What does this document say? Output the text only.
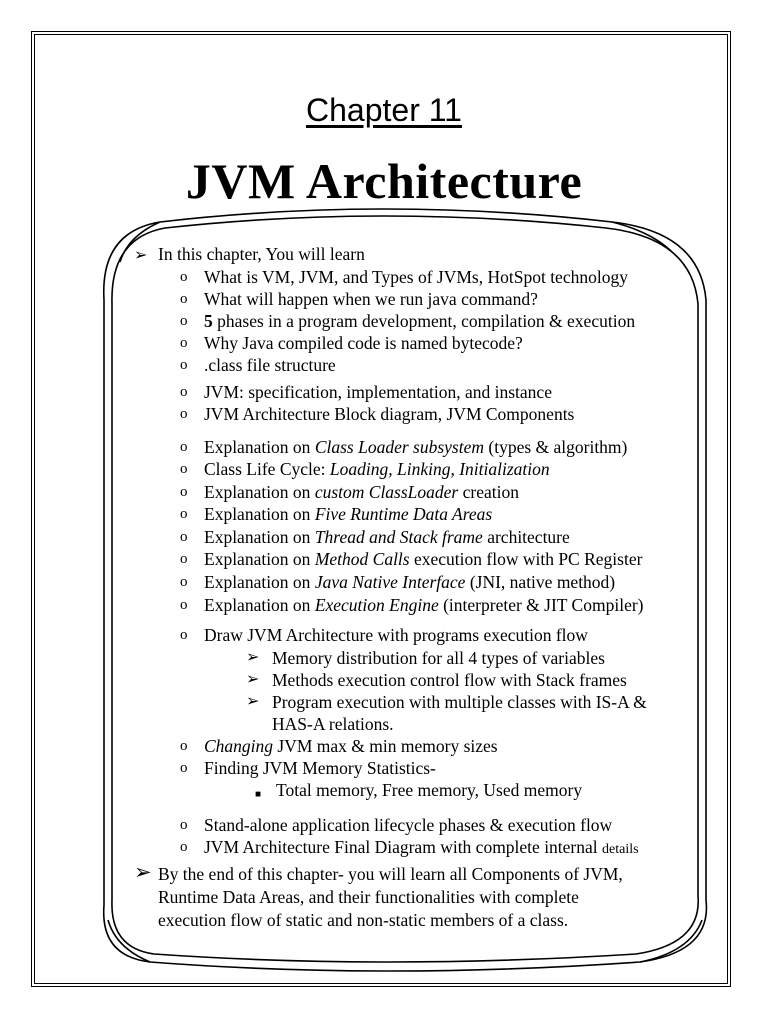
Chapter 11
JVM Architecture
➢ In this chapter, You will learn
o What is VM, JVM, and Types of JVMs, HotSpot technology
o What will happen when we run java command?
o 5 phases in a program development, compilation & execution
o Why Java compiled code is named bytecode?
o .class file structure
o JVM: specification, implementation, and instance
o JVM Architecture Block diagram, JVM Components
o Explanation on Class Loader subsystem (types & algorithm)
o Class Life Cycle: Loading, Linking, Initialization
o Explanation on custom ClassLoader creation
o Explanation on Five Runtime Data Areas
o Explanation on Thread and Stack frame architecture
o Explanation on Method Calls execution flow with PC Register
o Explanation on Java Native Interface (JNI, native method)
o Explanation on Execution Engine (interpreter & JIT Compiler)
o Draw JVM Architecture with programs execution flow
➢ Memory distribution for all 4 types of variables
➢ Methods execution control flow with Stack frames
➢ Program execution with multiple classes with IS-A &
HAS-A relations.
o Changing JVM max & min memory sizes
o Finding JVM Memory Statistics-
■ Total memory, Free memory, Used memory
o Stand-alone application lifecycle phases & execution flow
o JVM Architecture Final Diagram with complete internal details
➢ By the end of this chapter- you will learn all Components of JVM,
Runtime Data Areas, and their functionalities with complete
execution flow of static and non-static members of a class.
